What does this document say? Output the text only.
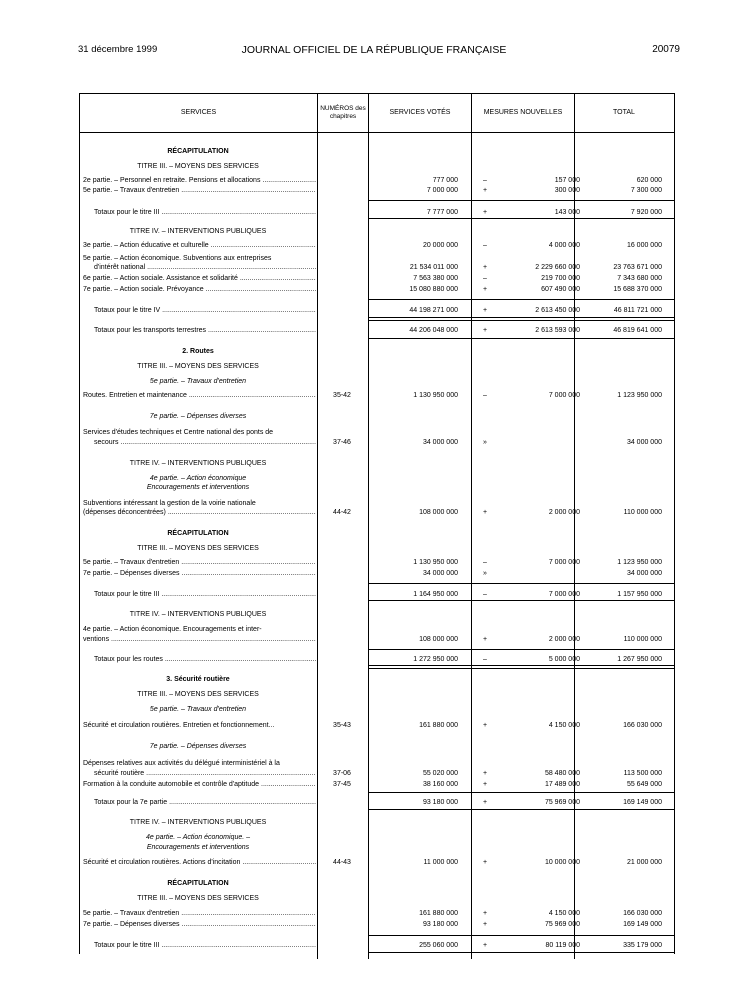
31 décembre 1999	JOURNAL OFFICIEL DE LA RÉPUBLIQUE FRANÇAISE	20079
SERVICES
NUMÉROS des chapitres
SERVICES VOTÉS	MESURES NOUVELLES	TOTAL
RÉCAPITULATION
TITRE III. – MOYENS DES SERVICES
2e partie. – Personnel en retraite. Pensions et allocations .....	777 000	–	157 000	620 000
5e partie. – Travaux d'entretien .....	7 000 000	+	300 000	7 300 000
Totaux pour le titre III .....	7 777 000	+	143 000	7 920 000
TITRE IV. – INTERVENTIONS PUBLIQUES
3e partie. – Action éducative et culturelle .....	20 000 000	–	4 000 000	16 000 000
5e partie. – Action économique. Subventions aux entreprises
d'intérêt national .....	21 534 011 000	+	2 229 660 000	23 763 671 000
6e partie. – Action sociale. Assistance et solidarité .....	7 563 380 000	–	219 700 000	7 343 680 000
7e partie. – Action sociale. Prévoyance .....	15 080 880 000	+	607 490 000	15 688 370 000
Totaux pour le titre IV .....	44 198 271 000	+	2 613 450 000	46 811 721 000
Totaux pour les transports terrestres .....	44 206 048 000	+	2 613 593 000	46 819 641 000
2. Routes
TITRE III. – MOYENS DES SERVICES
5e partie. – Travaux d'entretien
Routes. Entretien et maintenance .....	35-42	1 130 950 000	–	7 000 000	1 123 950 000
7e partie. – Dépenses diverses
Services d'études techniques et Centre national des ponts de
secours .....	37-46	34 000 000	»	34 000 000
TITRE IV. – INTERVENTIONS PUBLIQUES
4e partie. – Action économique
Encouragements et interventions
Subventions intéressant la gestion de la voirie nationale
(dépenses déconcentrées) .....	44-42	108 000 000	+	2 000 000	110 000 000
RÉCAPITULATION
TITRE III. – MOYENS DES SERVICES
5e partie. – Travaux d'entretien .....	1 130 950 000	–	7 000 000	1 123 950 000
7e partie. – Dépenses diverses .....	34 000 000	»	34 000 000
Totaux pour le titre III .....	1 164 950 000	–	7 000 000	1 157 950 000
TITRE IV. – INTERVENTIONS PUBLIQUES
4e partie. – Action économique. Encouragements et inter-
ventions .....	108 000 000	+	2 000 000	110 000 000
Totaux pour les routes .....	1 272 950 000	–	5 000 000	1 267 950 000
3. Sécurité routière
TITRE III. – MOYENS DES SERVICES
5e partie. – Travaux d'entretien
Sécurité et circulation routières. Entretien et fonctionnement...	35-43	161 880 000	+	4 150 000	166 030 000
7e partie. – Dépenses diverses
Dépenses relatives aux activités du délégué interministériel à la
sécurité routière .....	37-06	55 020 000	+	58 480 000	113 500 000
Formation à la conduite automobile et contrôle d'aptitude .....	37-45	38 160 000	+	17 489 000	55 649 000
Totaux pour la 7e partie .....	93 180 000	+	75 969 000	169 149 000
TITRE IV. – INTERVENTIONS PUBLIQUES
4e partie. – Action économique. –
Encouragements et interventions
Sécurité et circulation routières. Actions d'incitation .....	44-43	11 000 000	+	10 000 000	21 000 000
RÉCAPITULATION
TITRE III. – MOYENS DES SERVICES
5e partie. – Travaux d'entretien .....	161 880 000	+	4 150 000	166 030 000
7e partie. – Dépenses diverses .....	93 180 000	+	75 969 000	169 149 000
Totaux pour le titre III .....	255 060 000	+	80 119 000	335 179 000
